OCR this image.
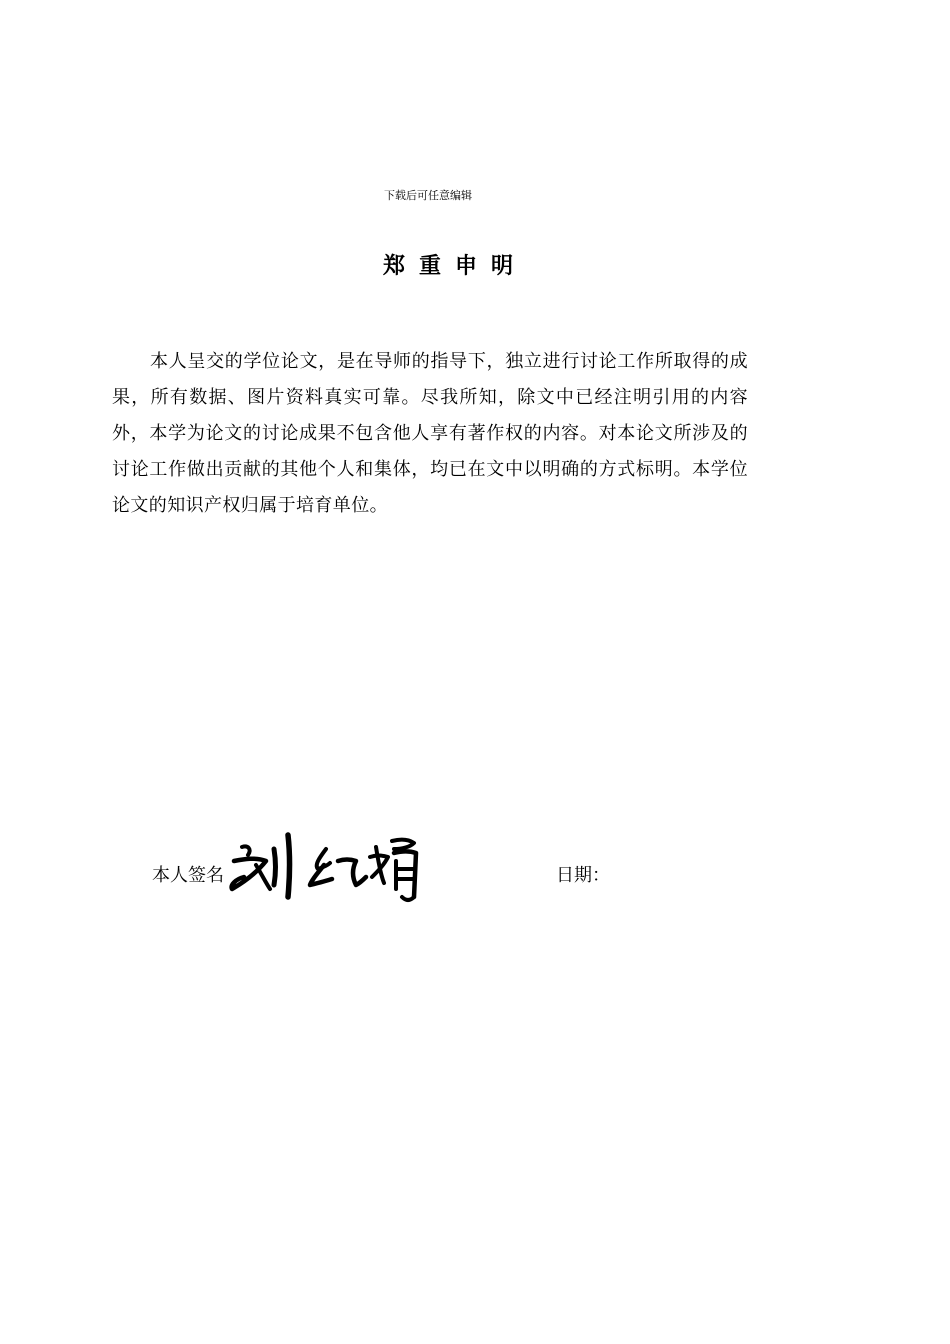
下载后可任意编辑
郑重申明

本人呈交的学位论文，是在导师的指导下，独立进行讨论工作所取得的成果，所有数据、图片资料真实可靠。尽我所知，除文中已经注明引用的内容外，本学为论文的讨论成果不包含他人享有著作权的内容。对本论文所涉及的讨论工作做出贡献的其他个人和集体，均已在文中以明确的方式标明。本学位论文的知识产权归属于培育单位。

本人签名	日期：
